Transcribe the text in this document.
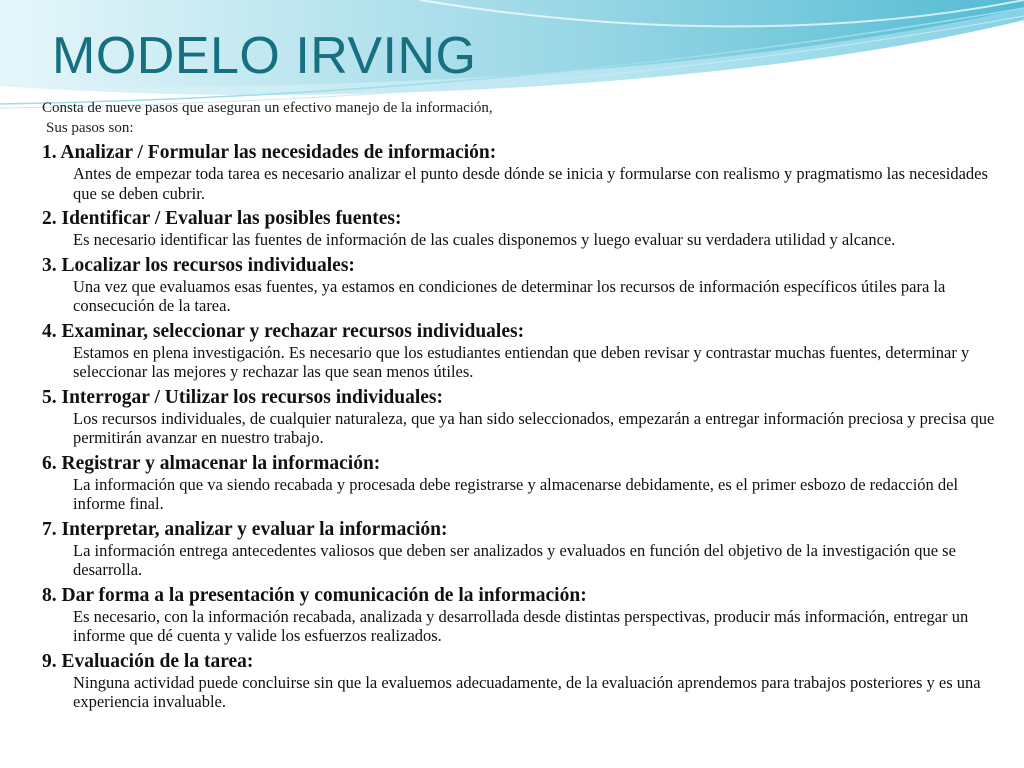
MODELO IRVING
Consta de nueve pasos que aseguran un efectivo manejo de la información,
Sus pasos son:
1. Analizar / Formular las necesidades de información:
Antes de empezar toda tarea es necesario analizar el punto desde dónde se inicia y formularse con realismo y pragmatismo las necesidades que se deben cubrir.
2. Identificar / Evaluar las posibles fuentes:
Es necesario identificar las fuentes de información de las cuales disponemos y luego evaluar su verdadera utilidad y alcance.
3. Localizar los recursos individuales:
Una vez que evaluamos esas fuentes, ya estamos en condiciones de determinar los recursos de información específicos útiles para la consecución de la tarea.
4. Examinar, seleccionar y rechazar recursos individuales:
Estamos en plena investigación. Es necesario que los estudiantes entiendan que deben revisar y contrastar muchas fuentes, determinar y seleccionar las mejores y rechazar las que sean menos útiles.
5. Interrogar / Utilizar los recursos individuales:
Los recursos individuales, de cualquier naturaleza, que ya han sido seleccionados, empezarán a entregar información preciosa y precisa que permitirán avanzar en nuestro trabajo.
6. Registrar y almacenar la información:
La información que va siendo recabada y procesada debe registrarse y almacenarse debidamente, es el primer esbozo de redacción del informe final.
7. Interpretar, analizar y evaluar la información:
La información entrega antecedentes valiosos que deben ser analizados y evaluados en función del objetivo de la investigación que se desarrolla.
8. Dar forma a la presentación y comunicación de la información:
Es necesario, con la información recabada, analizada y desarrollada desde distintas perspectivas, producir más información, entregar un informe que dé cuenta y valide los esfuerzos realizados.
9. Evaluación de la tarea:
Ninguna actividad puede concluirse sin que la evaluemos adecuadamente, de la evaluación aprendemos para trabajos posteriores y es una experiencia invaluable.
